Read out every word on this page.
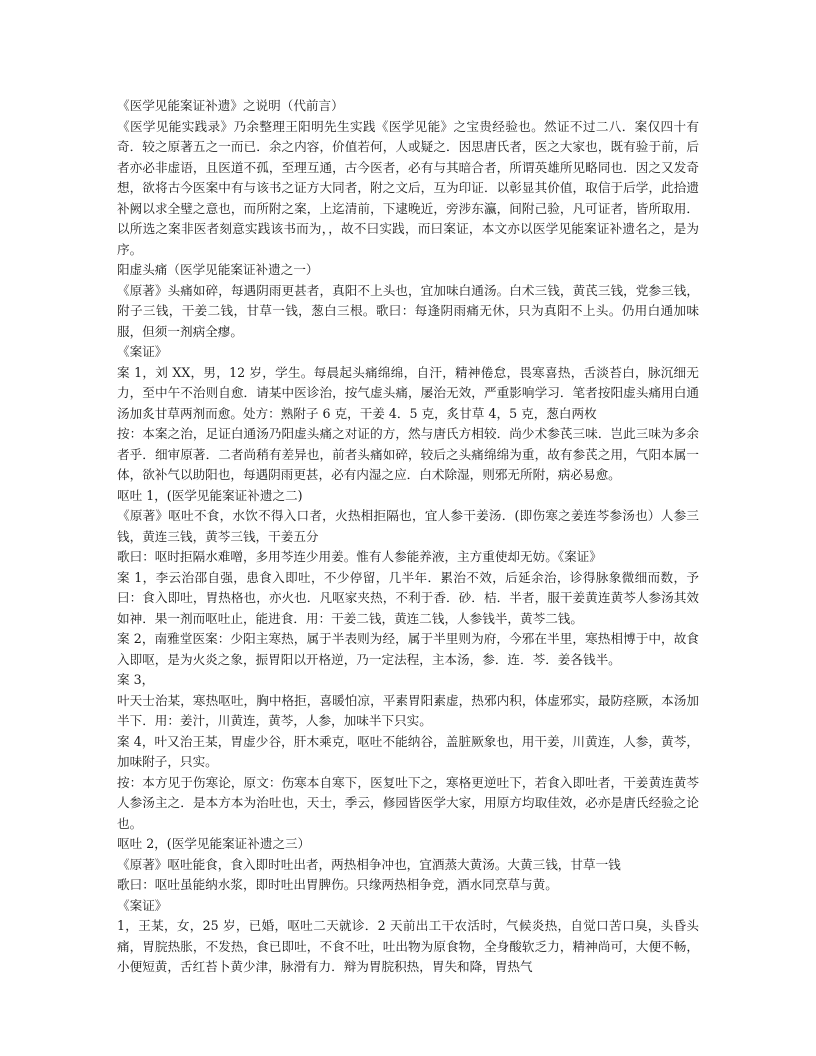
《医学见能案证补遗》之说明（代前言）

《医学见能实践录》乃余整理王阳明先生实践《医学见能》之宝贵经验也。然证不过二八．案仅四十有奇．较之原著五之一而已．余之内容，价值若何，人或疑之．因思唐氏者，医之大家也，既有验于前，后者亦必非虚语，且医道不孤，至理互通，古今医者，必有与其暗合者，所谓英雄所见略同也．因之又发奇想，欲将古今医案中有与该书之证方大同者，附之文后，互为印证．以彰显其价值，取信于后学，此拾遗补阙以求全璧之意也，而所附之案，上迄清前，下逮晚近，旁涉东瀛，间附己验，凡可证者，皆所取用．以所选之案非医者刻意实践该书而为，，故不曰实践，而曰案证，本文亦以医学见能案证补遗名之，是为序。

阳虚头痛（医学见能案证补遗之一）

《原著》头痛如碎，每遇阴雨更甚者，真阳不上头也，宜加味白通汤。白术三钱，黄芪三钱，党参三钱，附子三钱，干姜二钱，甘草一钱，葱白三根。歌曰：每逢阴雨痛无休，只为真阳不上头。仍用白通加味服，但须一剂病全瘳。

《案证》

案 1，刘 XX，男，12 岁，学生。每晨起头痛绵绵，自汗，精神倦怠，畏寒喜热，舌淡苔白，脉沉细无力，至中午不治则自愈．请某中医诊治，按气虚头痛，屡治无效，严重影响学习．笔者按阳虚头痛用白通汤加炙甘草两剂而愈。处方：熟附子 6 克，干姜 4．5 克，炙甘草 4，5 克，葱白两枚

按：本案之治，足证白通汤乃阳虚头痛之对证的方，然与唐氏方相较．尚少术参芪三味．岂此三味为多余者乎．细审原著．二者尚稍有差异也，前者头痛如碎，较后之头痛绵绵为重，故有参芪之用，气阳本属一体，欲补气以助阳也，每遇阴雨更甚，必有内湿之应．白术除湿，则邪无所附，病必易愈。

呕吐 1，(医学见能案证补遗之二)

《原著》呕吐不食，水饮不得入口者，火热相拒隔也，宜人参干姜汤．(即伤寒之姜连芩参汤也）人参三钱，黄连三钱，黄芩三钱，干姜五分

歌曰：呕时拒隔水难噌，多用芩连少用姜。惟有人参能养液，主方重使却无妨。《案证》

案 1，李云治邵自强，患食入即吐，不少停留，几半年．累治不效，后延余治，诊得脉象微细而数，予曰：食入即吐，胃热格也，亦火也．凡呕家夹热，不利于香．砂．桔．半者，服干姜黄连黄芩人参汤其效如神．果一剂而呕吐止，能进食．用：干姜二钱，黄连二钱，人参钱半，黄芩二钱。

案 2，南雅堂医案：少阳主寒热，属于半表则为经，属于半里则为府，今邪在半里，寒热相博于中，故食入即呕，是为火炎之象，振胃阳以开格逆，乃一定法程，主本汤，参．连．芩．姜各钱半。

案 3，

叶天士治某，寒热呕吐，胸中格拒，喜暖怕凉，平素胃阳素虚，热邪内积，体虚邪实，最防痉厥，本汤加半下．用：姜汁，川黄连，黄芩，人参，加味半下只实。

案 4，叶又治王某，胃虚少谷，肝木乘克，呕吐不能纳谷，盖脏厥象也，用干姜，川黄连，人参，黄芩，加味附子，只实。

按：本方见于伤寒论，原文：伤寒本自寒下，医复吐下之，寒格更逆吐下，若食入即吐者，干姜黄连黄芩人参汤主之．是本方本为治吐也，天士，季云，修园皆医学大家，用原方均取佳效，必亦是唐氏经验之论也。

呕吐 2，(医学见能案证补遗之三）

《原著》呕吐能食，食入即时吐出者，两热相争冲也，宜酒蒸大黄汤。大黄三钱，甘草一钱

歌曰：呕吐虽能纳水浆，即时吐出胃脾伤。只缘两热相争竞，酒水同烹草与黄。

《案证》

1，王某，女，25 岁，已婚，呕吐二天就诊．2 天前出工干农活时，气候炎热，自觉口苦口臭，头昏头痛，胃脘热胀，不发热，食已即吐，不食不吐，吐出物为原食物，全身酸软乏力，精神尚可，大便不畅，小便短黄，舌红苔卜黄少津，脉滑有力．辩为胃脘积热，胃失和降，胃热气
